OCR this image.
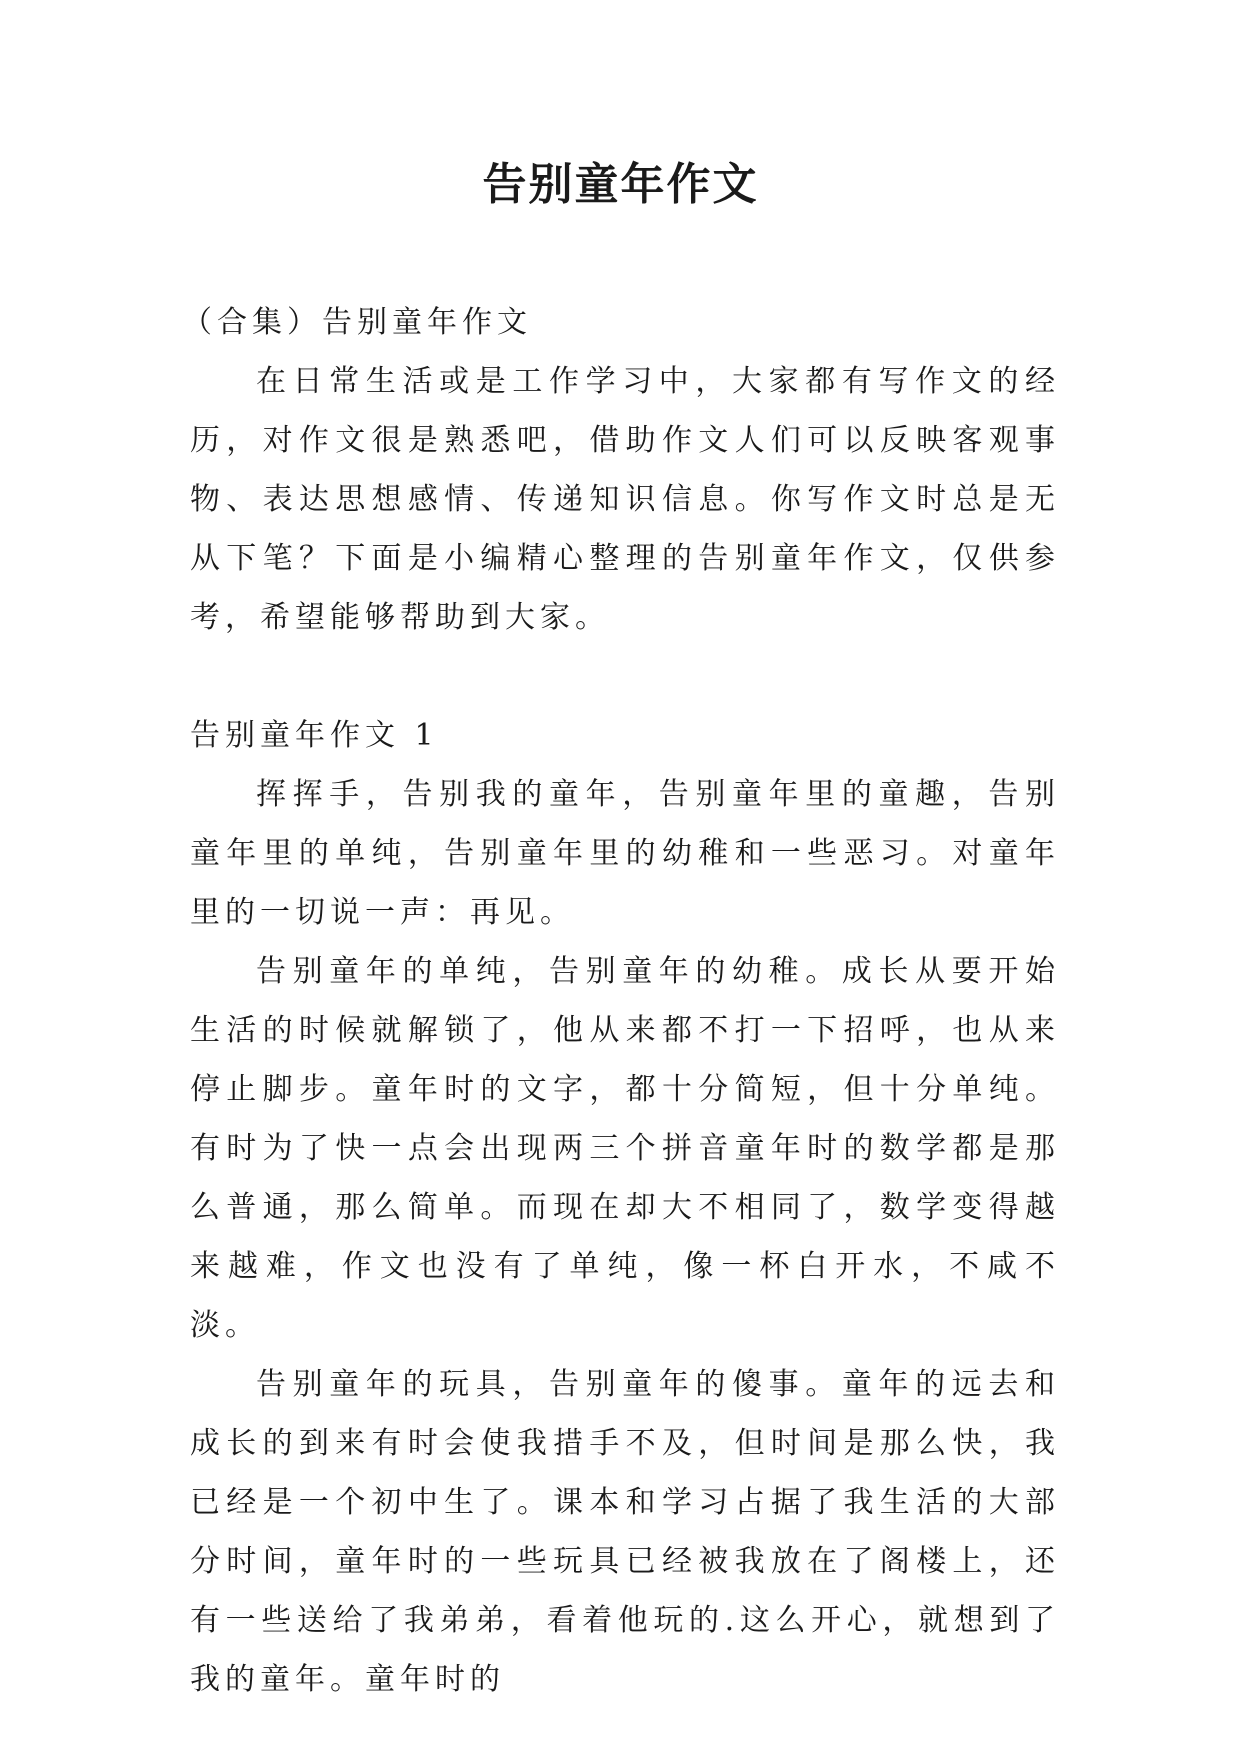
告别童年作文

（合集）告别童年作文

在日常生活或是工作学习中，大家都有写作文的经历，对作文很是熟悉吧，借助作文人们可以反映客观事物、表达思想感情、传递知识信息。你写作文时总是无从下笔？下面是小编精心整理的告别童年作文，仅供参考，希望能够帮助到大家。

告别童年作文 1

挥挥手，告别我的童年，告别童年里的童趣，告别童年里的单纯，告别童年里的幼稚和一些恶习。对童年里的一切说一声：再见。

告别童年的单纯，告别童年的幼稚。成长从要开始生活的时候就解锁了，他从来都不打一下招呼，也从来停止脚步。童年时的文字，都十分简短，但十分单纯。有时为了快一点会出现两三个拼音童年时的数学都是那么普通，那么简单。而现在却大不相同了，数学变得越来越难，作文也没有了单纯，像一杯白开水，不咸不淡。

告别童年的玩具，告别童年的傻事。童年的远去和成长的到来有时会使我措手不及，但时间是那么快，我已经是一个初中生了。课本和学习占据了我生活的大部分时间，童年时的一些玩具已经被我放在了阁楼上，还有一些送给了我弟弟，看着他玩的.这么开心，就想到了我的童年。童年时的
